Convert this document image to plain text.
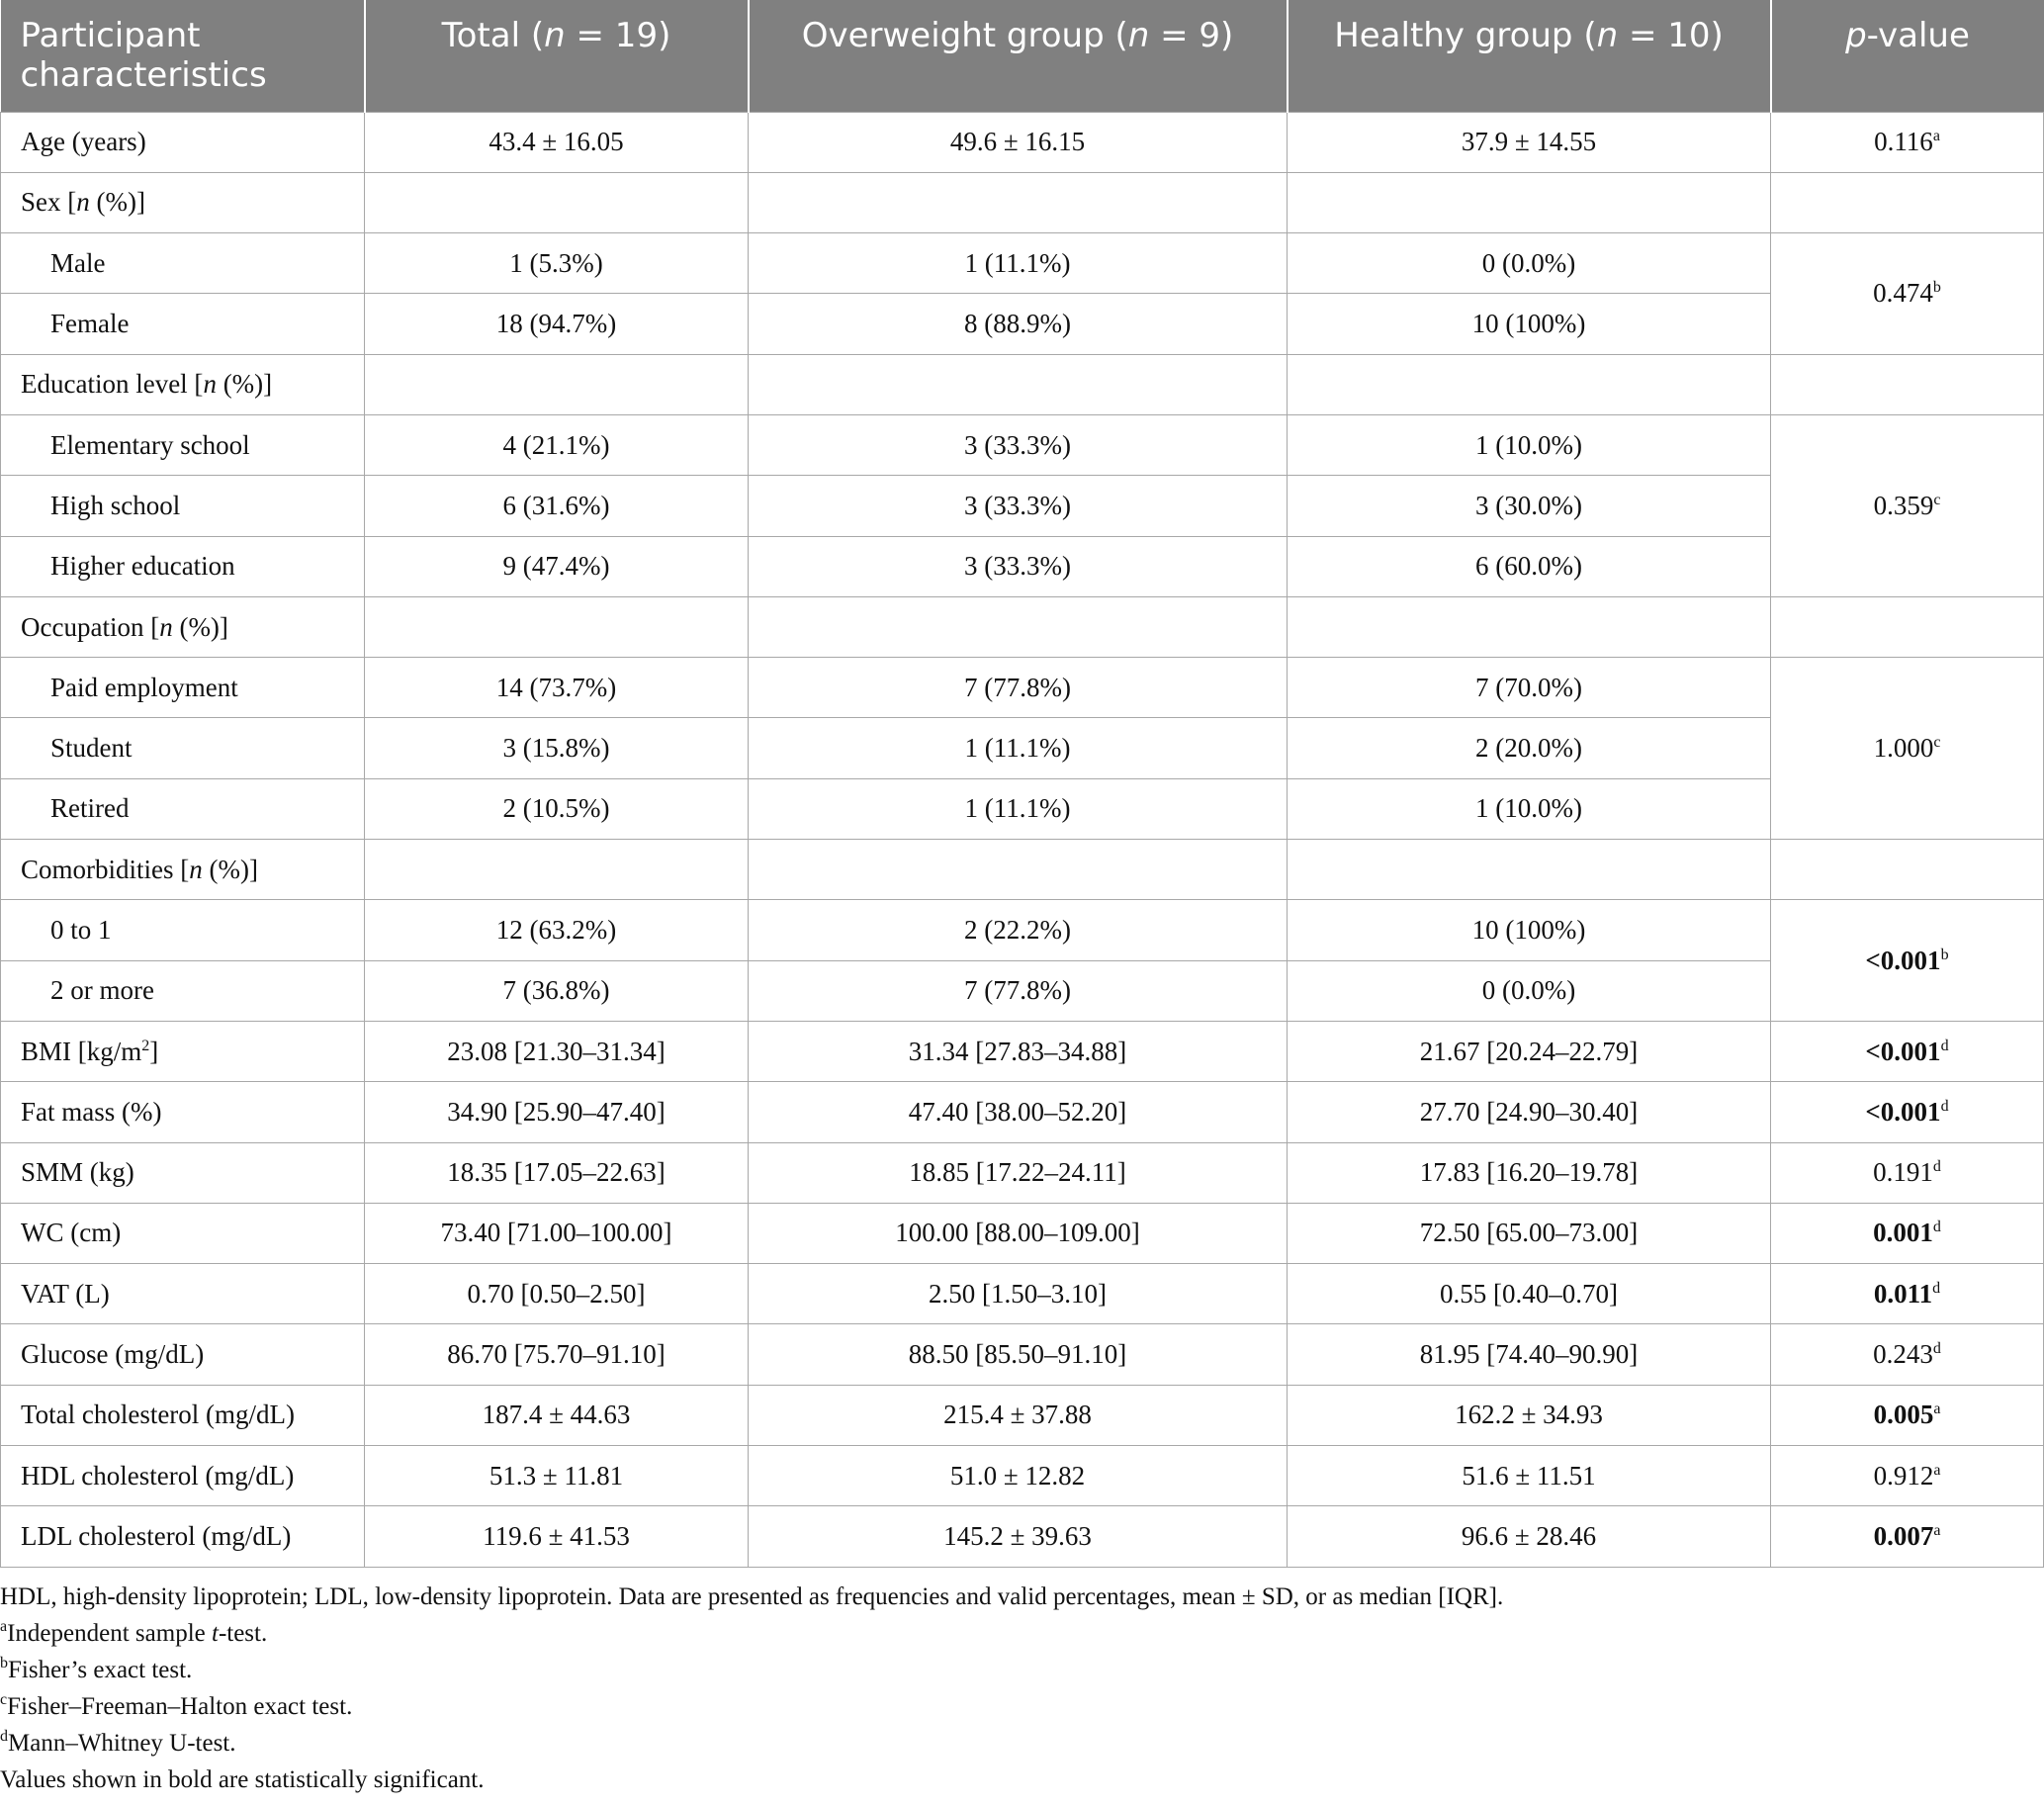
Participant characteristics	Total (n = 19)	Overweight group (n = 9)	Healthy group (n = 10)	p-value
Age (years)	43.4 ± 16.05	49.6 ± 16.15	37.9 ± 14.55	0.116$^a$
Sex [n (%)]				
Male	1 (5.3%)	1 (11.1%)	0 (0.0%)	0.474$^b$
Female	18 (94.7%)	8 (88.9%)	10 (100%)	
Education level [n (%)]				
Elementary school	4 (21.1%)	3 (33.3%)	1 (10.0%)	0.359$^c$
High school	6 (31.6%)	3 (33.3%)	3 (30.0%)	
Higher education	9 (47.4%)	3 (33.3%)	6 (60.0%)	
Occupation [n (%)]				
Paid employment	14 (73.7%)	7 (77.8%)	7 (70.0%)	1.000$^c$
Student	3 (15.8%)	1 (11.1%)	2 (20.0%)	
Retired	2 (10.5%)	1 (11.1%)	1 (10.0%)	
Comorbidities [n (%)]				
0 to 1	12 (63.2%)	2 (22.2%)	10 (100%)	<0.001$^b$
2 or more	7 (36.8%)	7 (77.8%)	0 (0.0%)	
BMI $[kg/m^2]$	23.08 [21.30–31.34]	31.34 [27.83–34.88]	21.67 [20.24–22.79]	<0.001$^d$
Fat mass (%)	34.90 [25.90–47.40]	47.40 [38.00–52.20]	27.70 [24.90–30.40]	<0.001$^d$
SMM (kg)	18.35 [17.05–22.63]	18.85 [17.22–24.11]	17.83 [16.20–19.78]	0.191$^d$
WC (cm)	73.40 [71.00–100.00]	100.00 [88.00–109.00]	72.50 [65.00–73.00]	0.001$^d$
VAT (L)	0.70 [0.50–2.50]	2.50 [1.50–3.10]	0.55 [0.40–0.70]	0.011$^d$
Glucose (mg/dL)	86.70 [75.70–91.10]	88.50 [85.50–91.10]	81.95 [74.40–90.90]	0.243$^d$
Total cholesterol (mg/dL)	187.4 ± 44.63	215.4 ± 37.88	162.2 ± 34.93	0.005$^a$
HDL cholesterol (mg/dL)	51.3 ± 11.81	51.0 ± 12.82	51.6 ± 11.51	0.912$^a$
LDL cholesterol (mg/dL)	119.6 ± 41.53	145.2 ± 39.63	96.6 ± 28.46	0.007$^a$
HDL, high-density lipoprotein; LDL, low-density lipoprotein. Data are presented as frequencies and valid percentages, mean ± SD, or as median [IQR].
$^a$Independent sample t-test.
$^b$Fisher’s exact test.
$^c$Fisher–Freeman–Halton exact test.
$^d$Mann–Whitney U-test.
Values shown in bold are statistically significant.
